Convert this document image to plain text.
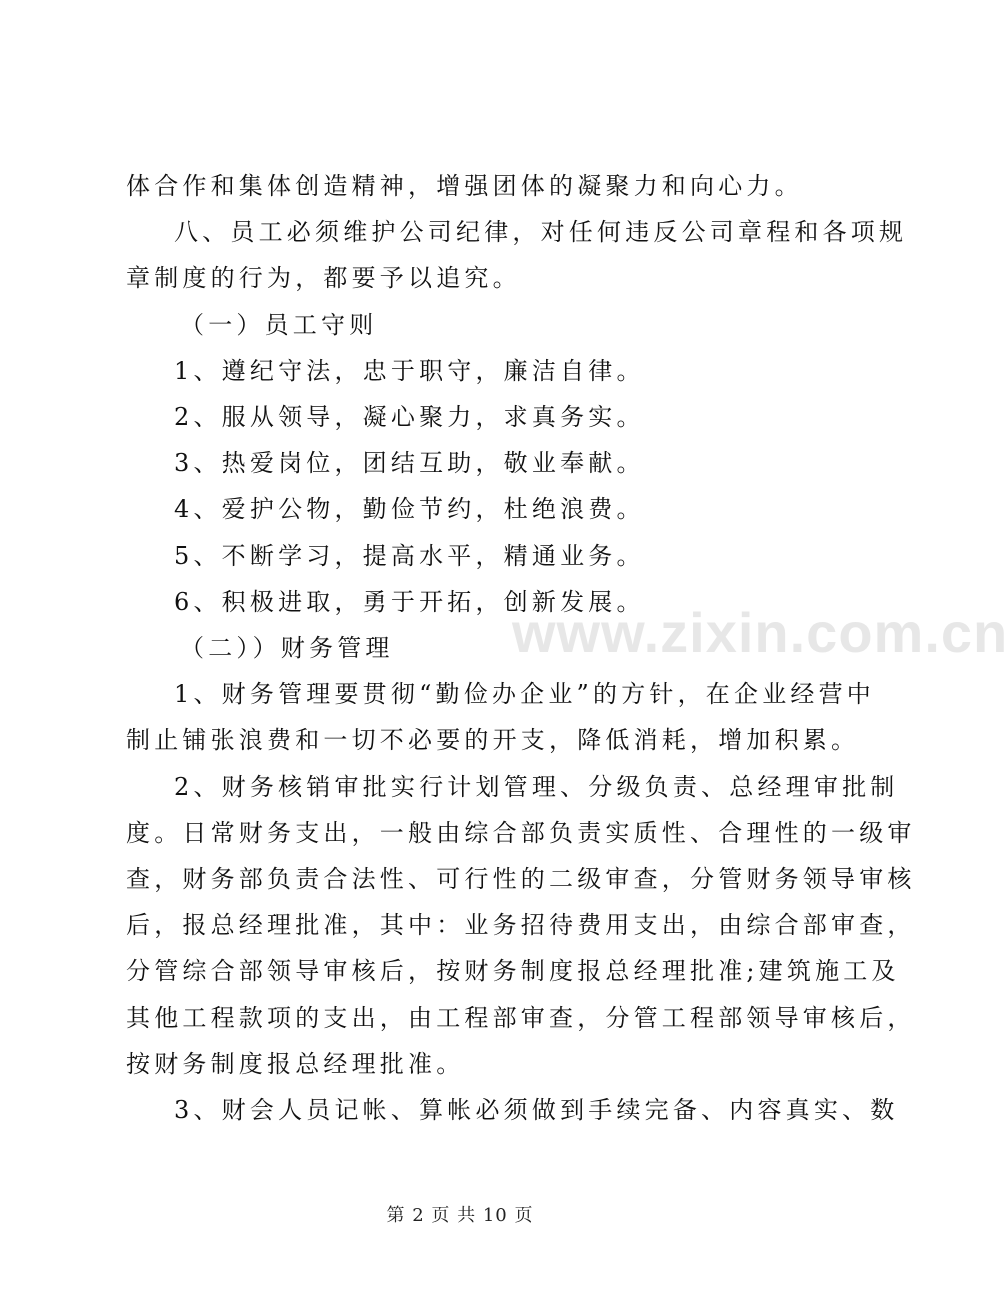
体合作和集体创造精神，增强团体的凝聚力和向心力。
八、员工必须维护公司纪律，对任何违反公司章程和各项规
章制度的行为，都要予以追究。
（一）员工守则
1、遵纪守法，忠于职守，廉洁自律。
2、服从领导，凝心聚力，求真务实。
3、热爱岗位，团结互助，敬业奉献。
4、爱护公物，勤俭节约，杜绝浪费。
5、不断学习，提高水平，精通业务。
6、积极进取，勇于开拓，创新发展。
（二））财务管理
1、财务管理要贯彻“勤俭办企业”的方针，在企业经营中
制止铺张浪费和一切不必要的开支，降低消耗，增加积累。
2、财务核销审批实行计划管理、分级负责、总经理审批制
度。日常财务支出，一般由综合部负责实质性、合理性的一级审
查，财务部负责合法性、可行性的二级审查，分管财务领导审核
后，报总经理批准，其中：业务招待费用支出，由综合部审查，
分管综合部领导审核后，按财务制度报总经理批准;建筑施工及
其他工程款项的支出，由工程部审查，分管工程部领导审核后，
按财务制度报总经理批准。
3、财会人员记帐、算帐必须做到手续完备、内容真实、数
www.zixin.com.cn
第 2 页 共 10 页
